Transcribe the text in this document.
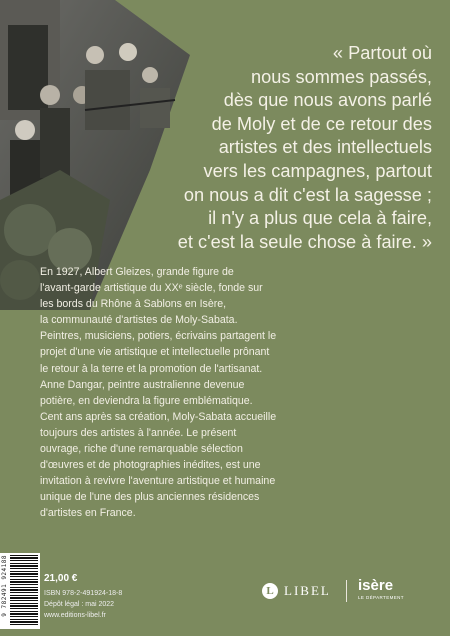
« Partout où
nous sommes passés,
dès que nous avons parlé
de Moly et de ce retour des
artistes et des intellectuels
vers les campagnes, partout
on nous a dit c'est la sagesse ;
il n'y a plus que cela à faire,
et c'est la seule chose à faire. »
En 1927, Albert Gleizes, grande figure de
l'avant-garde artistique du XXᵉ siècle, fonde sur
les bords du Rhône à Sablons en Isère,
la communauté d'artistes de Moly-Sabata.
Peintres, musiciens, potiers, écrivains partagent le
projet d'une vie artistique et intellectuelle prônant
le retour à la terre et la promotion de l'artisanat.
Anne Dangar, peintre australienne devenue
potière, en deviendra la figure emblématique.
Cent ans après sa création, Moly-Sabata accueille
toujours des artistes à l'année. Le présent
ouvrage, riche d'une remarquable sélection
d'œuvres et de photographies inédites, est une
invitation à revivre l'aventure artistique et humaine
unique de l'une des plus anciennes résidences
d'artistes en France.
9 782491 924188	21,00 €
ISBN 978-2-491924-18-8
Dépôt légal : mai 2022
www.editions-libel.fr
L LIBEL isère
LE DÉPARTEMENT
